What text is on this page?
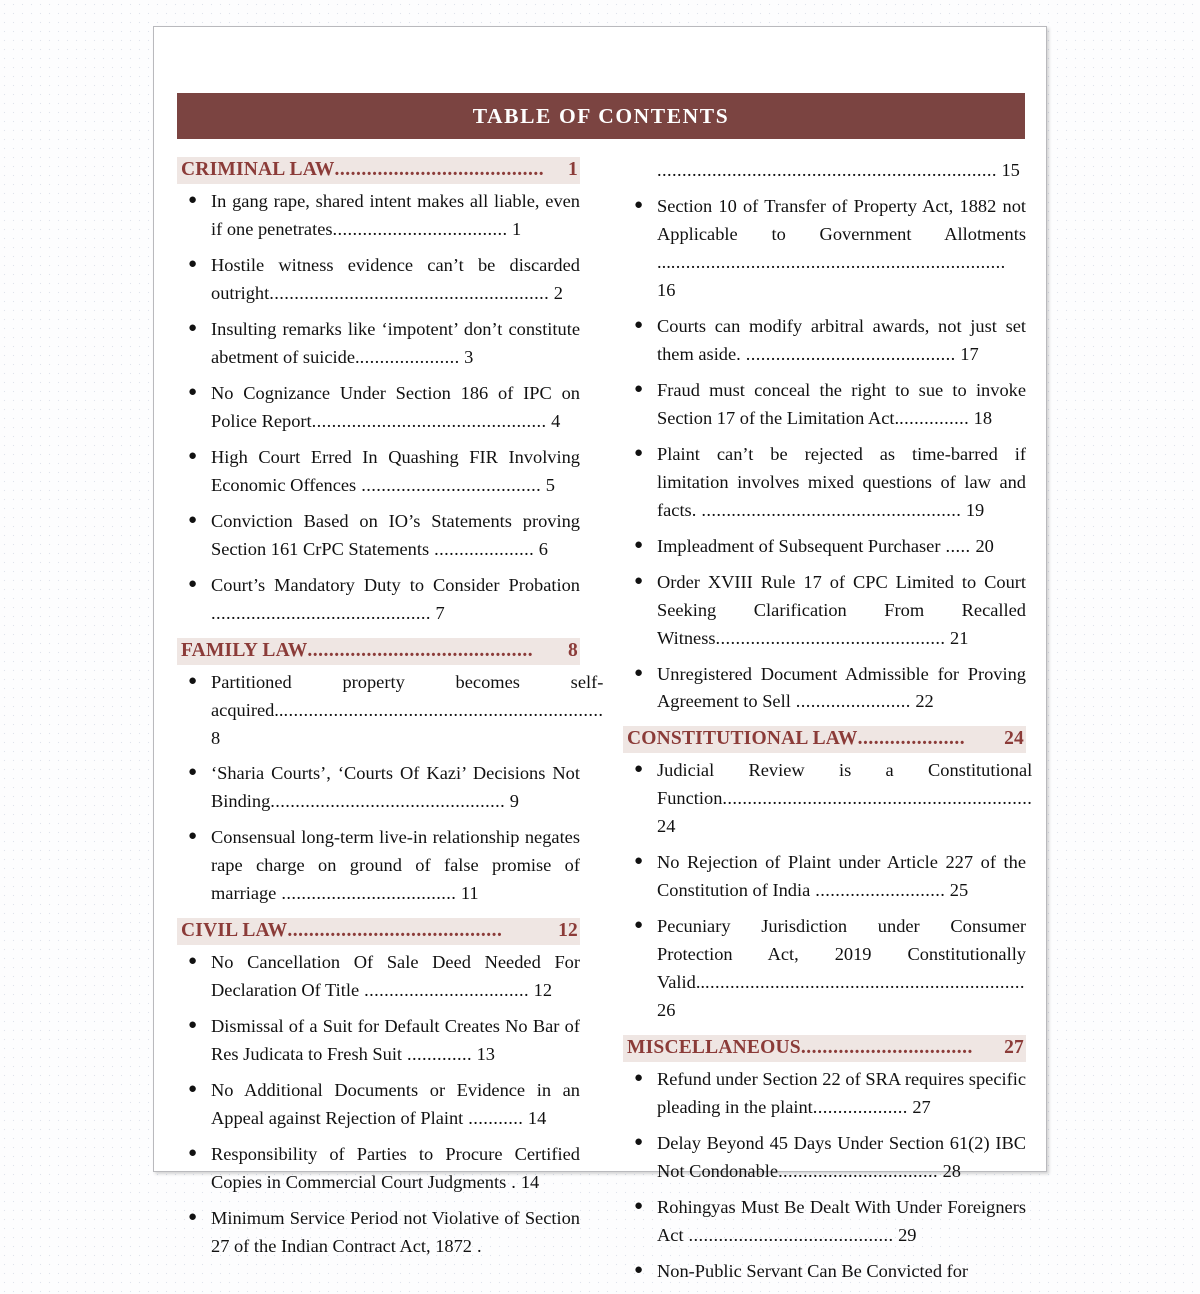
TABLE OF CONTENTS
CRIMINAL LAW .......................................	1
● In gang rape, shared intent makes all liable, even if one penetrates................................... 1
● Hostile witness evidence can’t be discarded outright........................................................ 2
● Insulting remarks like ‘impotent’ don’t constitute abetment of suicide..................... 3
● No Cognizance Under Section 186 of IPC on Police Report............................................... 4
● High Court Erred In Quashing FIR Involving Economic Offences .................................... 5
● Conviction Based on IO’s Statements proving Section 161 CrPC Statements .................... 6
● Court’s Mandatory Duty to Consider Probation ............................................ 7
FAMILY LAW ..........................................	8
● Partitioned property becomes self-acquired.................................................................. 8
● ‘Sharia Courts’, ‘Courts Of Kazi’ Decisions Not Binding............................................... 9
● Consensual long-term live-in relationship negates rape charge on ground of false promise of marriage ................................... 11
CIVIL LAW ........................................	12
● No Cancellation Of Sale Deed Needed For Declaration Of Title ................................. 12
● Dismissal of a Suit for Default Creates No Bar of Res Judicata to Fresh Suit ............. 13
● No Additional Documents or Evidence in an Appeal against Rejection of Plaint ........... 14
● Responsibility of Parties to Procure Certified Copies in Commercial Court Judgments . 14
● Minimum Service Period not Violative of Section 27 of the Indian Contract Act, 1872 .
.................................................................... 15
● Section 10 of Transfer of Property Act, 1882 not Applicable to Government Allotments ...................................................................... 16
● Courts can modify arbitral awards, not just set them aside. .......................................... 17
● Fraud must conceal the right to sue to invoke Section 17 of the Limitation Act............... 18
● Plaint can’t be rejected as time-barred if limitation involves mixed questions of law and facts. .................................................... 19
● Impleadment of Subsequent Purchaser ..... 20
● Order XVIII Rule 17 of CPC Limited to Court Seeking Clarification From Recalled Witness.............................................. 21
● Unregistered Document Admissible for Proving Agreement to Sell ....................... 22
CONSTITUTIONAL LAW ....................	24
● Judicial Review is a Constitutional Function.............................................................. 24
● No Rejection of Plaint under Article 227 of the Constitution of India .......................... 25
● Pecuniary Jurisdiction under Consumer Protection Act, 2019 Constitutionally Valid.................................................................. 26
MISCELLANEOUS ................................	27
● Refund under Section 22 of SRA requires specific pleading in the plaint................... 27
● Delay Beyond 45 Days Under Section 61(2) IBC Not Condonable................................ 28
● Rohingyas Must Be Dealt With Under Foreigners Act ......................................... 29
● Non-Public Servant Can Be Convicted for
